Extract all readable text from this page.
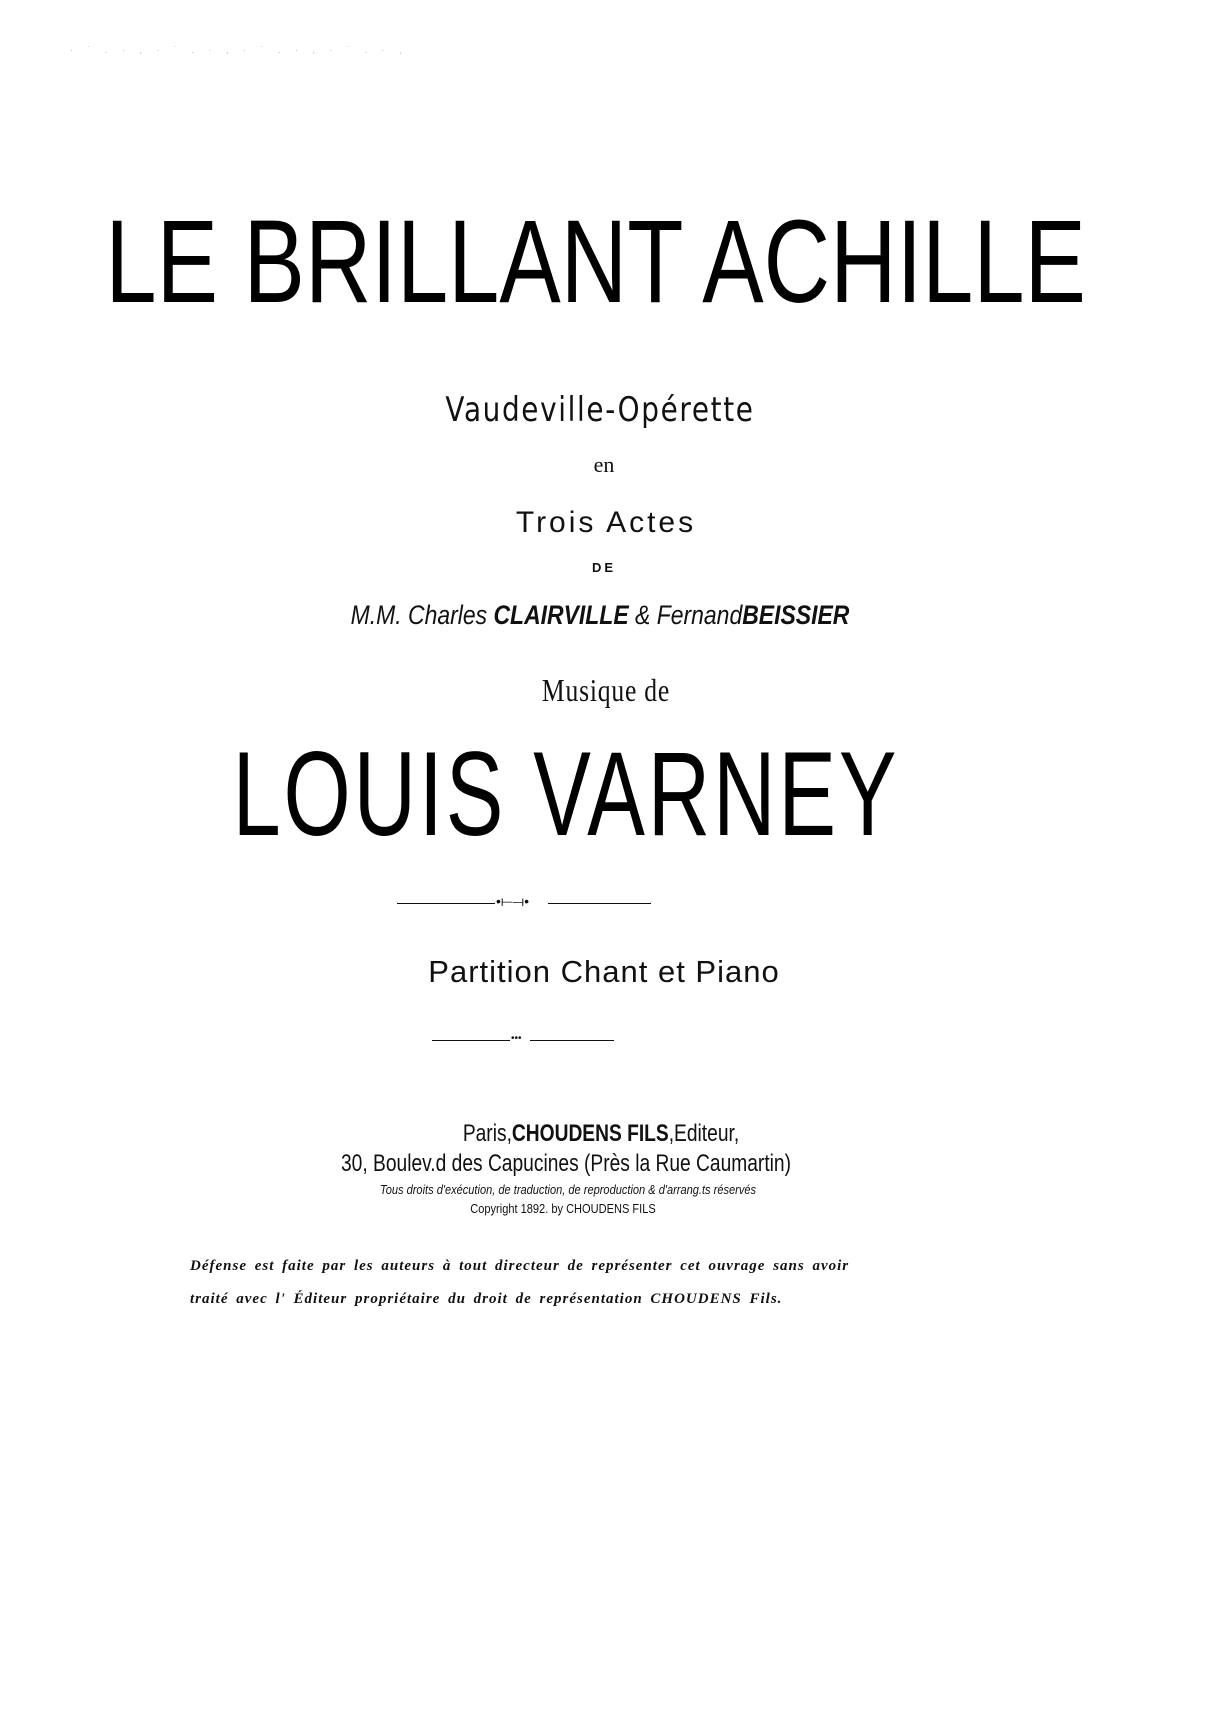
· ˙ . · , · ˙ . · , · ˙ . · , · ˙ . · ,
LE BRILLANT ACHILLE
Vaudeville-Opérette
en
Trois Actes
DE
M.M. Charles CLAIRVILLE & FernandBEISSIER
Musique de
LOUIS VARNEY
•⟝⟞•
Partition Chant et Piano
•••
Paris,CHOUDENS FILS,Editeur,
30, Boulev.d des Capucines (Près la Rue Caumartin)
Tous droits d'exécution, de traduction, de reproduction & d'arrang.ts réservés
Copyright 1892. by CHOUDENS FILS
Défense est faite par les auteurs à tout directeur de représenter cet ouvrage sans avoir traité avec l' Éditeur propriétaire du droit de représentation CHOUDENS Fils.
